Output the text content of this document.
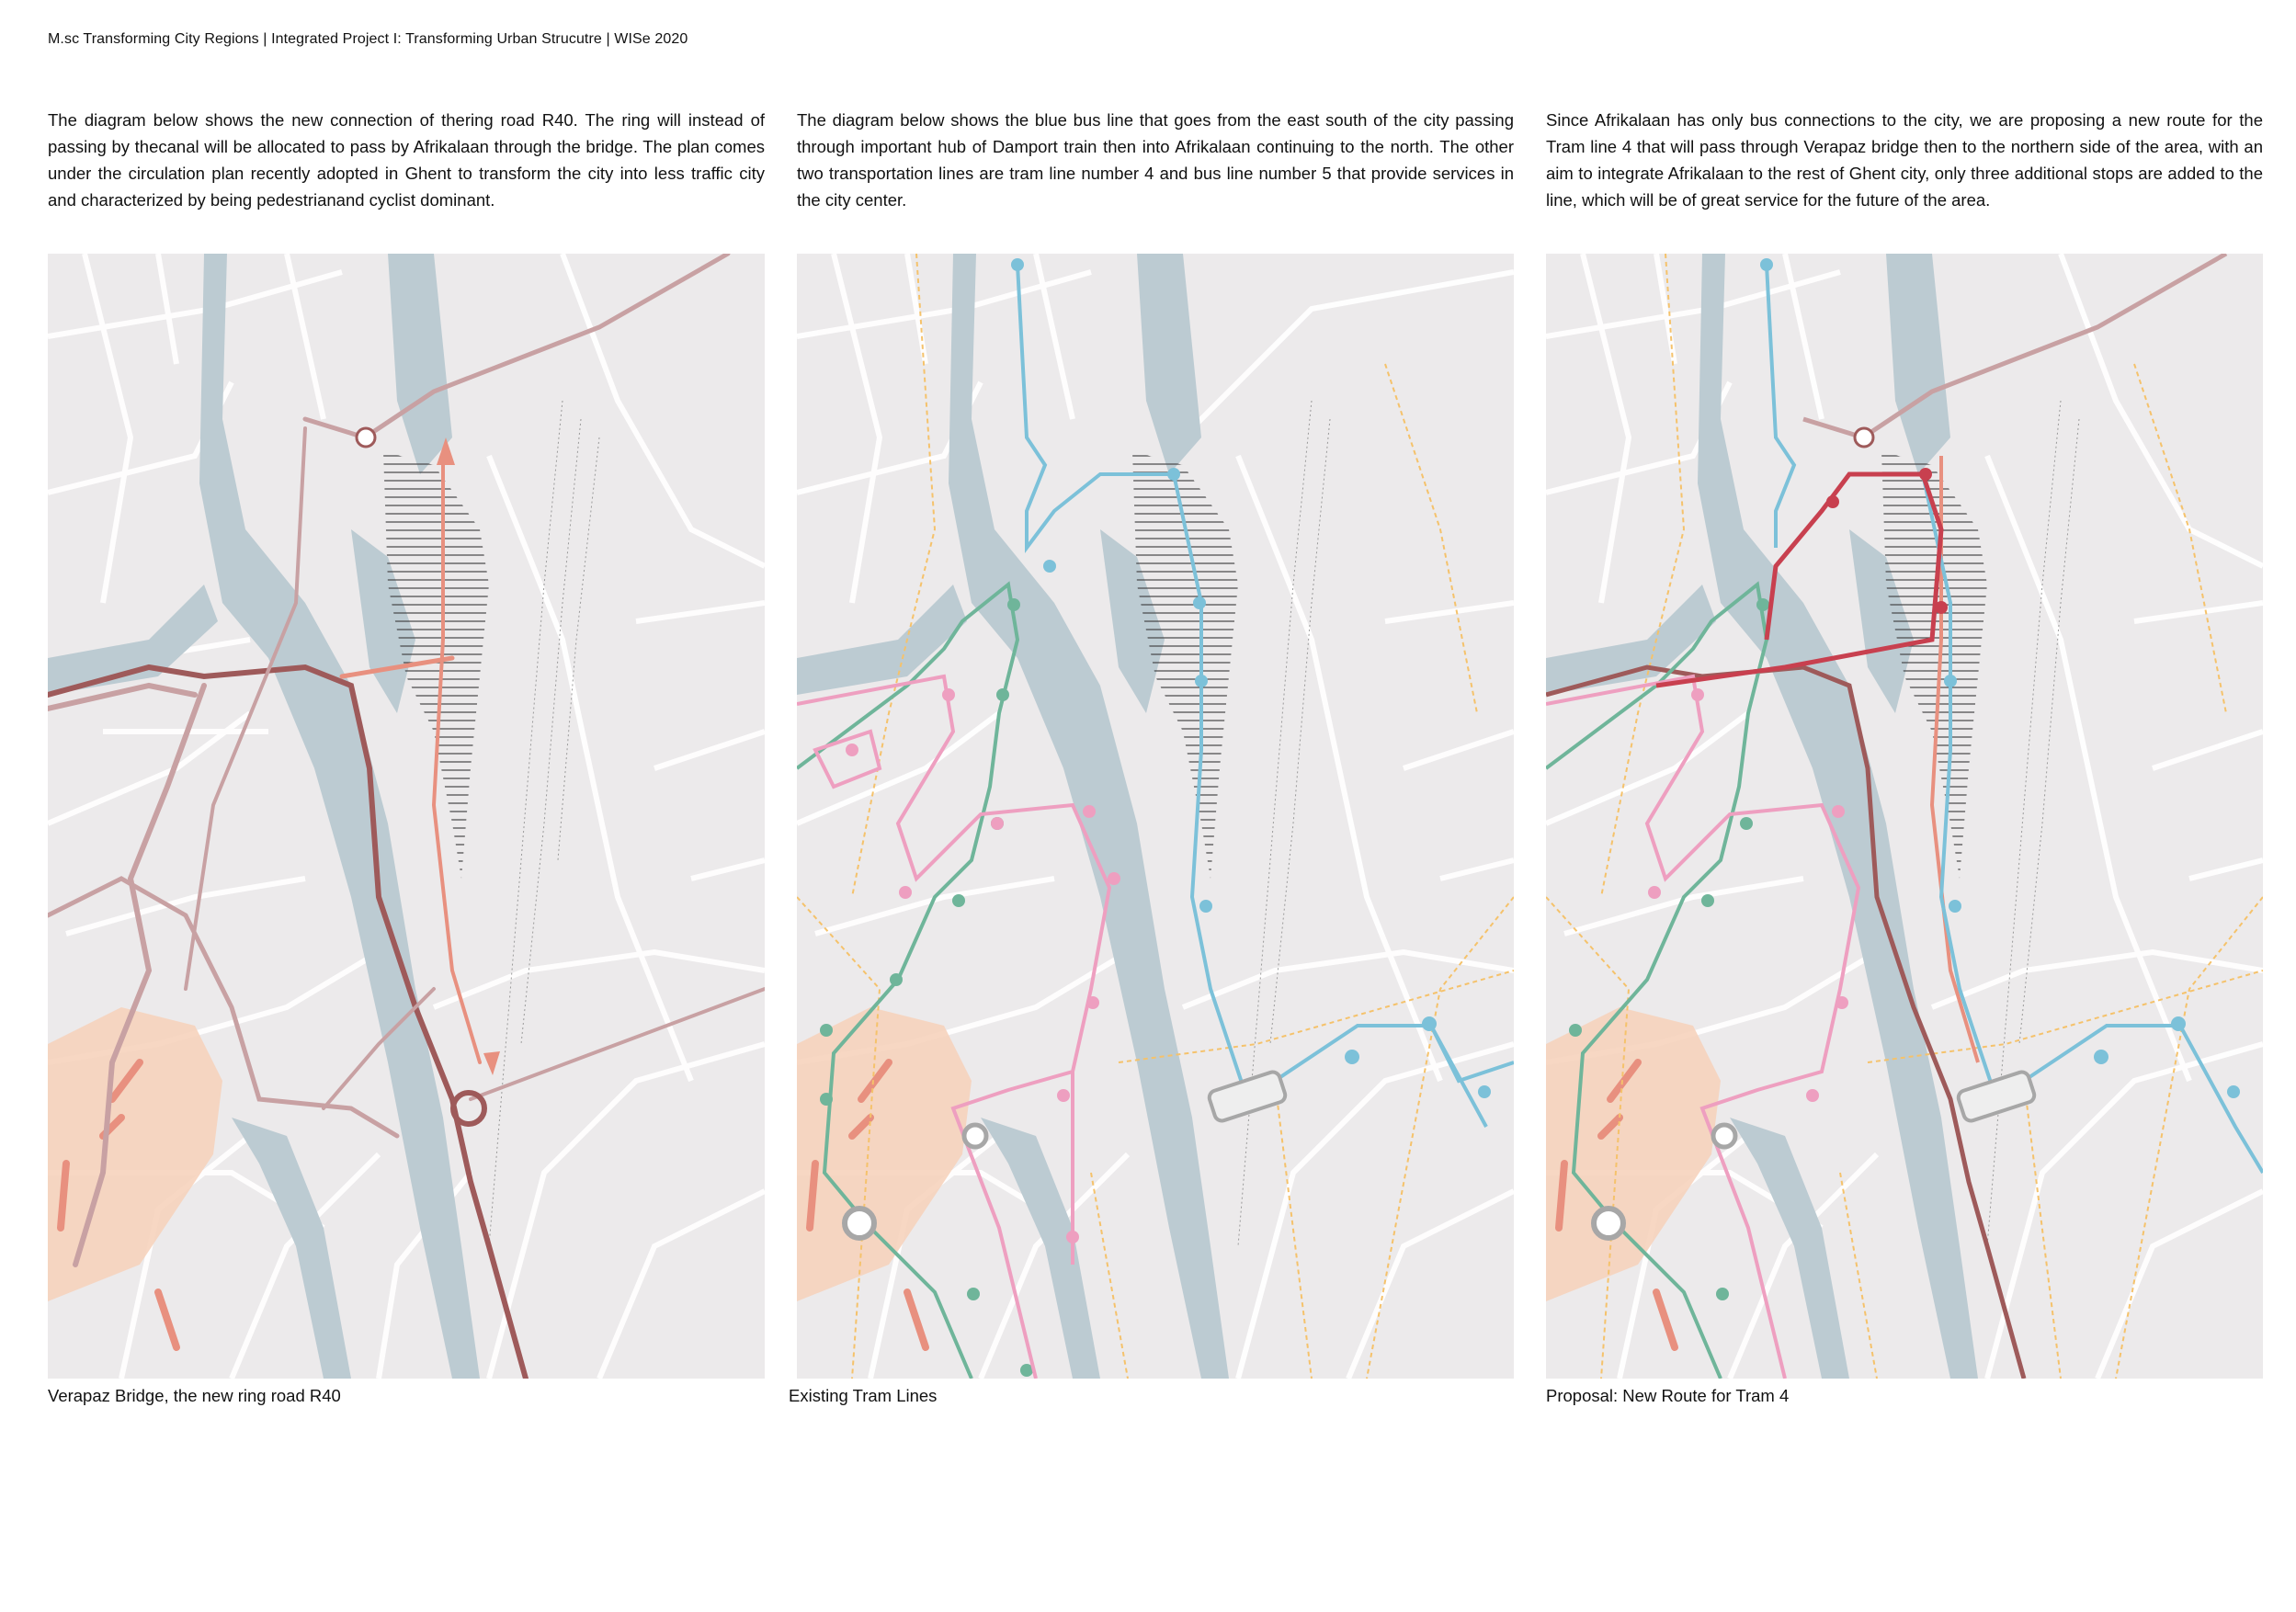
M.sc Transforming City Regions | Integrated Project I: Transforming Urban Strucutre | WISe 2020
The diagram below shows the new connection of thering road R40. The ring will instead of passing by thecanal will be allocated to pass by Afrikalaan through the bridge. The plan comes under the circulation plan recently adopted in Ghent to transform the city into less traffic city and characterized by being pedestrianand cyclist dominant.
The diagram below shows the blue bus line that goes from the east south of the city passing through important hub of Damport train then into Afrikalaan continuing to the north. The other two transportation lines are tram line number 4 and bus line number 5 that provide services in the city center.
Since Afrikalaan has only bus connections to the city, we are proposing a new route for the Tram line 4 that will pass through Verapaz bridge then to the northern side of the area, with an aim to integrate Afrikalaan to the rest of Ghent city, only three additional stops are added to the line, which will be of great service for the future of the area.
Verapaz Bridge, the new ring road R40	Existing Tram Lines	Proposal: New Route for Tram 4
